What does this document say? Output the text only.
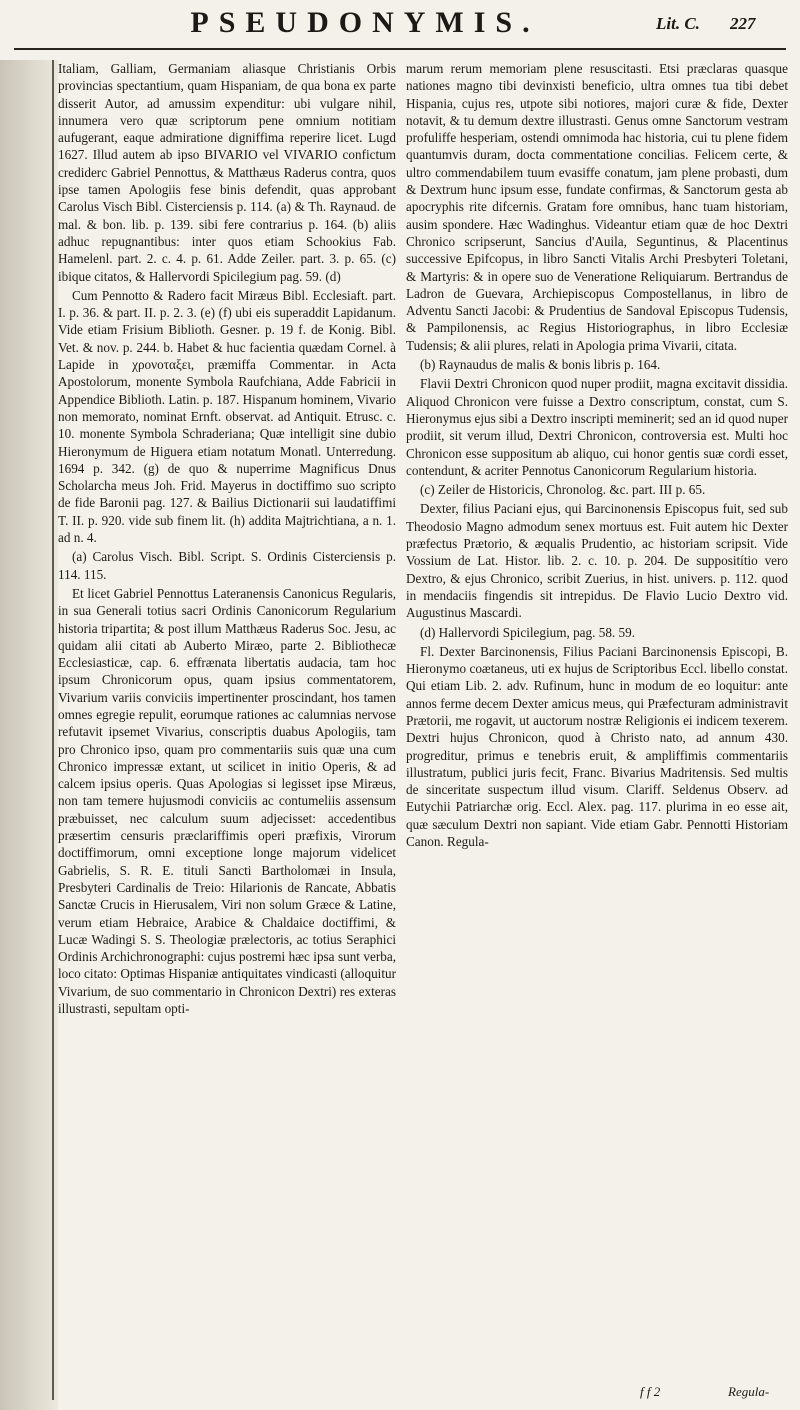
PSEUDONYMIS.	Lit. C. 227

Italiam, Galliam, Germaniam aliasque Christianis Orbis provincias spectantium, quam Hispaniam, de qua bona ex parte disserit Autor, ad amussim expenditur: ubi vulgare nihil, innumera vero quæ scriptorum pene omnium notitiam aufugerant, eaque admiratione digniffima reperire licet. Lugd 1627. Illud autem ab ipso BIVARIO vel VIVARIO confictum crediderc Gabriel Pennottus, & Matthæus Raderus contra, quos ipse tamen Apologiis fese binis defendit, quas approbant Carolus Visch Bibl. Cisterciensis p. 114. (a) & Th. Raynaud. de mal. & bon. lib. p. 139. sibi fere contrarius p. 164. (b) aliis adhuc repugnantibus: inter quos etiam Schookius Fab. Hamelenl. part. 2. c. 4. p. 61. Adde Zeiler. part. 3. p. 65. (c) ibique citatos, & Hallervordi Spicilegium pag. 59. (d)

Cum Pennotto & Radero facit Miræus Bibl. Ecclesiaft. part. I. p. 36. & part. II. p. 2. 3. (e) (f) ubi eis superaddit Lapidanum. Vide etiam Frisium Biblioth. Gesner. p. 19 f. de Konig. Bibl. Vet. & nov. p. 244. b. Habet & huc facientia quædam Cornel. à Lapide in χρονοταξει, præmiffa Commentar. in Acta Apostolorum, monente Symbola Raufchiana, Adde Fabricii in Appendice Biblioth. Latin. p. 187. Hispanum hominem, Vivario non memorato, nominat Ernft. observat. ad Antiquit. Etrusc. c. 10. monente Symbola Schraderiana; Quæ intelligit sine dubio Hieronymum de Higuera etiam notatum Monatl. Unterredung. 1694 p. 342. (g) de quo & nuperrime Magnificus Dnus Scholarcha meus Joh. Frid. Mayerus in doctiffimo suo scripto de fide Baronii pag. 127. & Bailius Dictionarii sui laudatiffimi T. II. p. 920. vide sub finem lit. (h) addita Majtrichtiana, a n. 1. ad n. 4.

(a) Carolus Visch. Bibl. Script. S. Ordinis Cisterciensis p. 114. 115.

Et licet Gabriel Pennottus Lateranensis Canonicus Regularis, in sua Generali totius sacri Ordinis Canonicorum Regularium historia tripartita; & post illum Matthæus Raderus Soc. Jesu, ac quidam alii citati ab Auberto Miræo, parte 2. Bibliothecæ Ecclesiasticæ, cap. 6. effrænata libertatis audacia, tam hoc ipsum Chronicorum opus, quam ipsius commentatorem, Vivarium variis conviciis impertinenter proscindant, hos tamen omnes egregie repulit, eorumque rationes ac calumnias nervose refutavit ipsemet Vivarius, conscriptis duabus Apologiis, tam pro Chronico ipso, quam pro commentariis suis quæ una cum Chronico impressæ extant, ut scilicet in initio Operis, & ad calcem ipsius operis. Quas Apologias si legisset ipse Miræus, non tam temere hujusmodi conviciis ac contumeliis assensum præbuisset, nec calculum suum adjecisset: accedentibus præsertim censuris præclariffimis operi præfixis, Virorum doctiffimorum, omni exceptione longe majorum videlicet Gabrielis, S. R. E. tituli Sancti Bartholomæi in Insula, Presbyteri Cardinalis de Treio: Hilarionis de Rancate, Abbatis Sanctæ Crucis in Hierusalem, Viri non solum Græce & Latine, verum etiam Hebraice, Arabice & Chaldaice doctiffimi, & Lucæ Wadingi S. S. Theologiæ prælectoris, ac totius Seraphici Ordinis Archichronographi: cujus postremi hæc ipsa sunt verba, loco citato: Optimas Hispaniæ antiquitates vindicasti (alloquitur Vivarium, de suo commentario in Chronicon Dextri) res exteras illustrasti, sepultam opti-

marum rerum memoriam plene resuscitasti. Etsi præclaras quasque nationes magno tibi devinxisti beneficio, ultra omnes tua tibi debet Hispania, cujus res, utpote sibi notiores, majori curæ & fide, Dexter notavit, & tu demum dextre illustrasti. Genus omne Sanctorum vestram profuliffe hesperiam, ostendi omnimoda hac historia, cui tu plene fidem quantumvis duram, docta commentatione concilias. Felicem certe, & ultro commendabilem tuum evasiffe conatum, jam plene probasti, dum & Dextrum hunc ipsum esse, fundate confirmas, & Sanctorum gesta ab apocryphis rite difcernis. Gratam fore omnibus, hanc tuam historiam, ausim spondere. Hæc Wadinghus. Videantur etiam quæ de hoc Dextri Chronico scripserunt, Sancius d'Auila, Seguntinus, & Placentinus successive Epifcopus, in libro Sancti Vitalis Archi Presbyteri Toletani, & Martyris: & in opere suo de Veneratione Reliquiarum. Bertrandus de Ladron de Guevara, Archiepiscopus Compostellanus, in libro de Adventu Sancti Jacobi: & Prudentius de Sandoval Episcopus Tudensis, & Pampilonensis, ac Regius Historiographus, in libro Ecclesiæ Tudensis; & alii plures, relati in Apologia prima Vivarii, citata.

(b) Raynaudus de malis & bonis libris p. 164.

Flavii Dextri Chronicon quod nuper prodiit, magna excitavit dissidia. Aliquod Chronicon vere fuisse a Dextro conscriptum, constat, cum S. Hieronymus ejus sibi a Dextro inscripti meminerit; sed an id quod nuper prodiit, sit verum illud, Dextri Chronicon, controversia est. Multi hoc Chronicon esse suppositum ab aliquo, cui honor gentis suæ cordi esset, contendunt, & acriter Pennotus Canonicorum Regularium historia.

(c) Zeiler de Historicis, Chronolog. &c. part. III p. 65.

Dexter, filius Paciani ejus, qui Barcinonensis Episcopus fuit, sed sub Theodosio Magno admodum senex mortuus est. Fuit autem hic Dexter præfectus Prætorio, & æqualis Prudentio, ac historiam scripsit. Vide Vossium de Lat. Histor. lib. 2. c. 10. p. 204. De suppositítio vero Dextro, & ejus Chronico, scribit Zuerius, in hist. univers. p. 112. quod in mendaciis fingendis sit intrepidus. De Flavio Lucio Dextro vid. Augustinus Mascardi.

(d) Hallervordi Spicilegium, pag. 58. 59.

Fl. Dexter Barcinonensis, Filius Paciani Barcinonensis Episcopi, B. Hieronymo coætaneus, uti ex hujus de Scriptoribus Eccl. libello constat. Qui etiam Lib. 2. adv. Rufinum, hunc in modum de eo loquitur: ante annos ferme decem Dexter amicus meus, qui Præfecturam administravit Prætorii, me rogavit, ut auctorum nostræ Religionis ei indicem texerem. Dextri hujus Chronicon, quod à Christo nato, ad annum 430. progreditur, primus e tenebris eruit, & ampliffimis commentariis illustratum, publici juris fecit, Franc. Bivarius Madritensis. Sed multis de sinceritate suspectum illud visum. Clariff. Seldenus Observ. ad Eutychii Patriarchæ orig. Eccl. Alex. pag. 117. plurima in eo esse ait, quæ sæculum Dextri non sapiant. Vide etiam Gabr. Pennotti Historiam Canon. Regula-

f f 2	Regula-
